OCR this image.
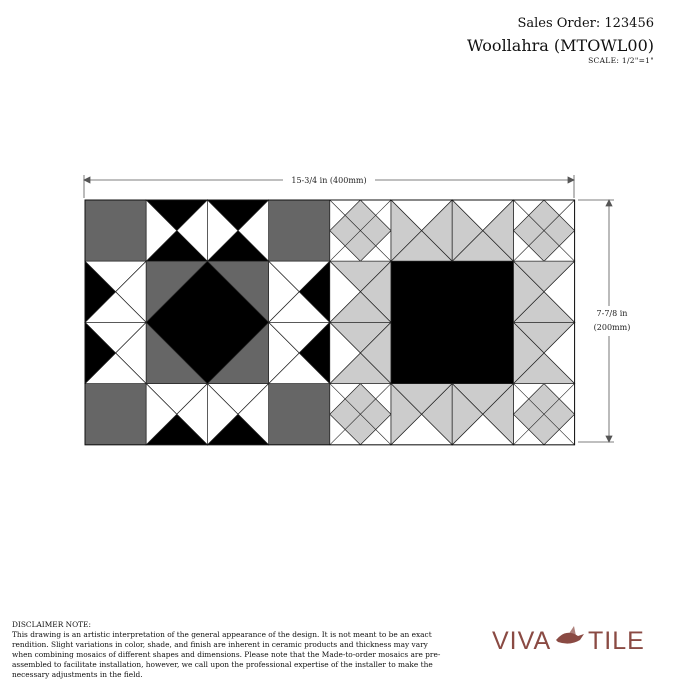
Sales Order: 123456
Woollahra (MTOWL00)
SCALE: 1/2"=1"
15-3/4 in (400mm)
7-7/8 in
(200mm)
DISCLAIMER NOTE:
This drawing is an artistic interpretation of the general appearance of the design. It is not meant to be an exact rendition. Slight variations in color, shade, and finish are inherent in ceramic products and thickness may vary when combining mosaics of different shapes and dimensions. Please note that the Made-to-order mosaics are pre-assembled to facilitate installation, however, we call upon the professional expertise of the installer to make the necessary adjustments in the field.
VIVA TILE
